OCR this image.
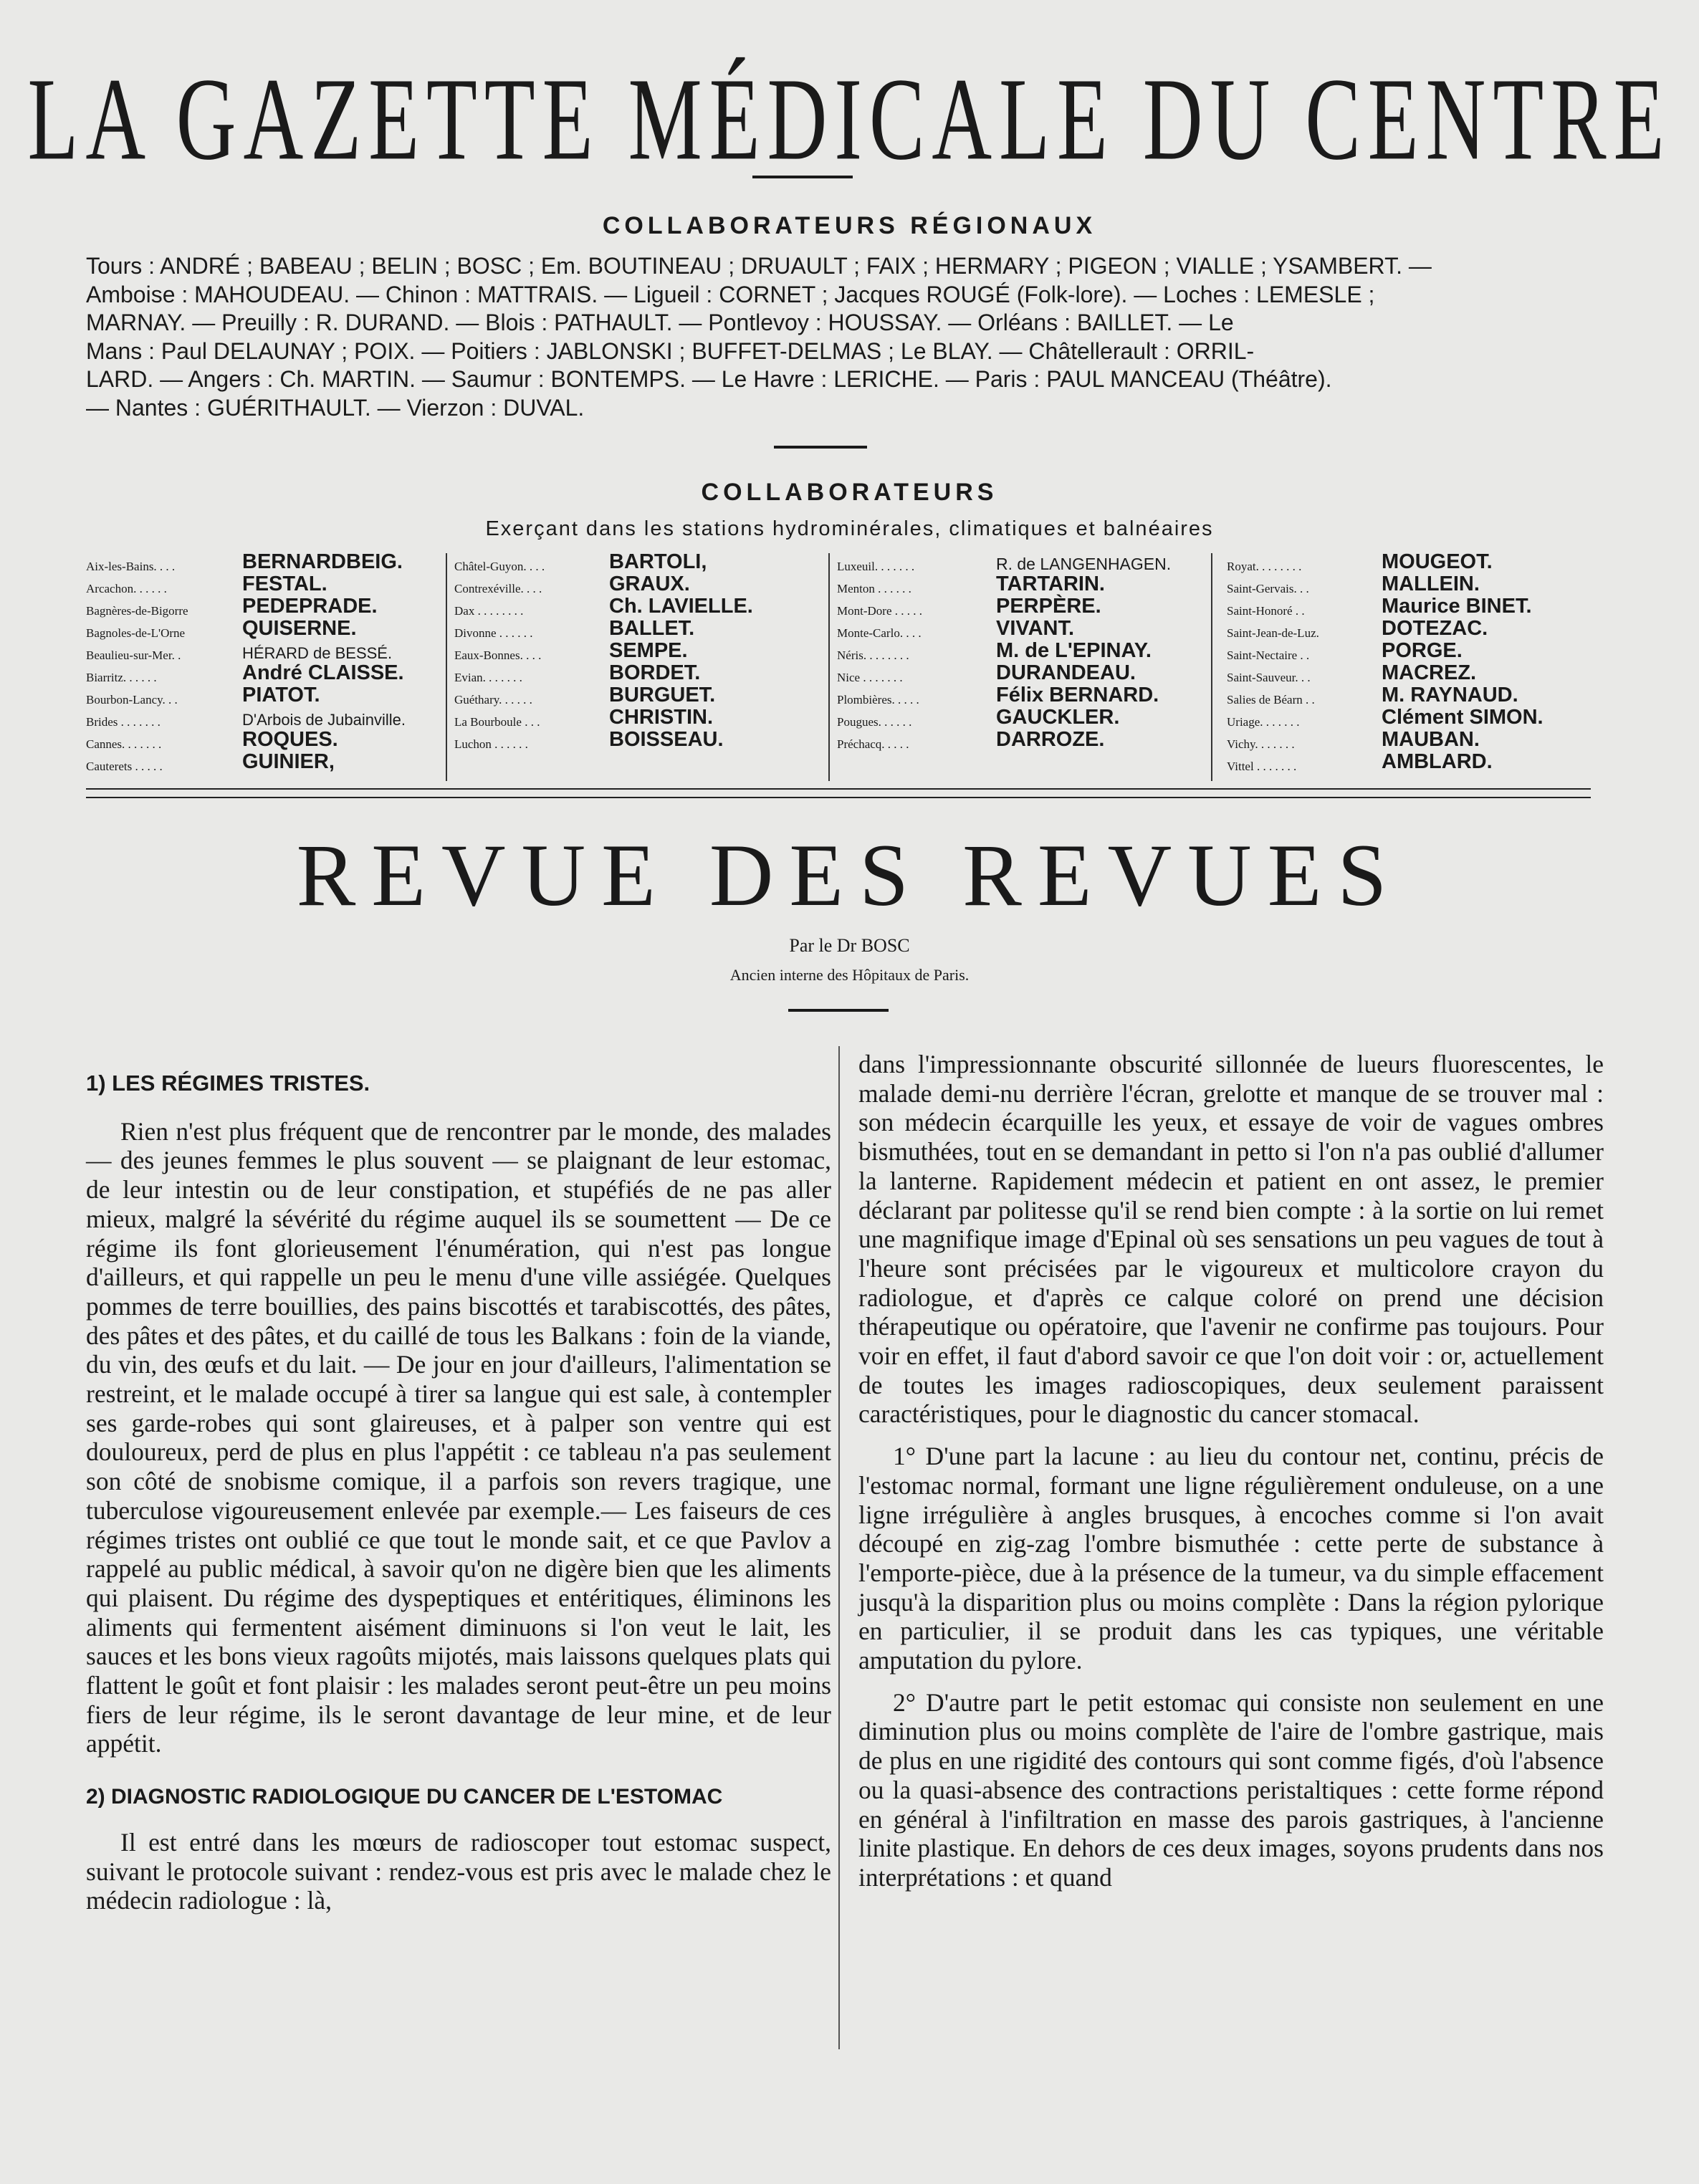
LA GAZETTE MÉDICALE DU CENTRE
COLLABORATEURS RÉGIONAUX

Tours : ANDRÉ ; BABEAU ; BELIN ; BOSC ; Em. BOUTINEAU ; DRUAULT ; FAIX ; HERMARY ; PIGEON ; VIALLE ; YSAMBERT. —

Amboise : MAHOUDEAU. — Chinon : MATTRAIS. — Ligueil : CORNET ; Jacques ROUGÉ (Folk-lore). — Loches : LEMESLE ;

MARNAY. — Preuilly : R. DURAND. — Blois : PATHAULT. — Pontlevoy : HOUSSAY. — Orléans : BAILLET. — Le

Mans : Paul DELAUNAY ; POIX. — Poitiers : JABLONSKI ; BUFFET-DELMAS ; Le BLAY. — Châtellerault : ORRIL-

LARD. — Angers : Ch. MARTIN. — Saumur : BONTEMPS. — Le Havre : LERICHE. — Paris : PAUL MANCEAU (Théâtre).

— Nantes : GUÉRITHAULT. — Vierzon : DUVAL.

COLLABORATEURS
Exerçant dans les stations hydrominérales, climatiques et balnéaires
Aix-les-Bains. . . .	BERNARDBEIG.
Arcachon. . . . . .	FESTAL.
Bagnères-de-Bigorre	PEDEPRADE.
Bagnoles-de-L'Orne	QUISERNE.
Beaulieu-sur-Mer. .	HÉRARD de BESSÉ.
Biarritz. . . . . .	André CLAISSE.
Bourbon-Lancy. . .	PIATOT.
Brides . . . . . . .	D'Arbois de Jubainville.
Cannes. . . . . . .	ROQUES.
Cauterets . . . . .	GUINIER,
Châtel-Guyon. . . .	BARTOLI,
Contrexéville. . . .	GRAUX.
Dax . . . . . . . .	Ch. LAVIELLE.
Divonne . . . . . .	BALLET.
Eaux-Bonnes. . . .	SEMPE.
Evian. . . . . . .	BORDET.
Guéthary. . . . . .	BURGUET.
La Bourboule . . .	CHRISTIN.
Luchon . . . . . .	BOISSEAU.
Luxeuil. . . . . . .	R. de LANGENHAGEN.
Menton . . . . . .	TARTARIN.
Mont-Dore . . . . .	PERPÈRE.
Monte-Carlo. . . .	VIVANT.
Néris. . . . . . . .	M. de L'EPINAY.
Nice . . . . . . .	DURANDEAU.
Plombières. . . . .	Félix BERNARD.
Pougues. . . . . .	GAUCKLER.
Préchacq. . . . .	DARROZE.
Royat. . . . . . . .	MOUGEOT.
Saint-Gervais. . .	MALLEIN.
Saint-Honoré . .	Maurice BINET.
Saint-Jean-de-Luz.	DOTEZAC.
Saint-Nectaire . .	PORGE.
Saint-Sauveur. . .	MACREZ.
Salies de Béarn . .	M. RAYNAUD.
Uriage. . . . . . .	Clément SIMON.
Vichy. . . . . . .	MAUBAN.
Vittel . . . . . . .	AMBLARD.
REVUE DES REVUES
Par le Dr BOSC
Ancien interne des Hôpitaux de Paris.

1) LES RÉGIMES TRISTES.

Rien n'est plus fréquent que de rencontrer par le monde, des malades — des jeunes femmes le plus souvent — se plaignant de leur estomac, de leur intestin ou de leur constipation, et stupéfiés de ne pas aller mieux, malgré la sévérité du régime auquel ils se soumettent — De ce régime ils font glorieusement l'énumération, qui n'est pas longue d'ailleurs, et qui rappelle un peu le menu d'une ville assiégée. Quelques pommes de terre bouillies, des pains biscottés et tarabiscottés, des pâtes, des pâtes et des pâtes, et du caillé de tous les Balkans : foin de la viande, du vin, des œufs et du lait. — De jour en jour d'ailleurs, l'alimentation se restreint, et le malade occupé à tirer sa langue qui est sale, à contempler ses garde-robes qui sont glaireuses, et à palper son ventre qui est douloureux, perd de plus en plus l'appétit : ce tableau n'a pas seulement son côté de snobisme comique, il a parfois son revers tragique, une tuberculose vigoureusement enlevée par exemple.— Les faiseurs de ces régimes tristes ont oublié ce que tout le monde sait, et ce que Pavlov a rappelé au public médical, à savoir qu'on ne digère bien que les aliments qui plaisent. Du régime des dyspeptiques et entéritiques, éliminons les aliments qui fermentent aisément diminuons si l'on veut le lait, les sauces et les bons vieux ragoûts mijotés, mais laissons quelques plats qui flattent le goût et font plaisir : les malades seront peut-être un peu moins fiers de leur régime, ils le seront davantage de leur mine, et de leur appétit.

2) DIAGNOSTIC RADIOLOGIQUE DU CANCER DE L'ESTOMAC

Il est entré dans les mœurs de radioscoper tout estomac suspect, suivant le protocole suivant : rendez-vous est pris avec le malade chez le médecin radiologue : là,

dans l'impressionnante obscurité sillonnée de lueurs fluorescentes, le malade demi-nu derrière l'écran, grelotte et manque de se trouver mal : son médecin écarquille les yeux, et essaye de voir de vagues ombres bismuthées, tout en se demandant in petto si l'on n'a pas oublié d'allumer la lanterne. Rapidement médecin et patient en ont assez, le premier déclarant par politesse qu'il se rend bien compte : à la sortie on lui remet une magnifique image d'Epinal où ses sensations un peu vagues de tout à l'heure sont précisées par le vigoureux et multicolore crayon du radiologue, et d'après ce calque coloré on prend une décision thérapeutique ou opératoire, que l'avenir ne confirme pas toujours. Pour voir en effet, il faut d'abord savoir ce que l'on doit voir : or, actuellement de toutes les images radioscopiques, deux seulement paraissent caractéristiques, pour le diagnostic du cancer stomacal.

1° D'une part la lacune : au lieu du contour net, continu, précis de l'estomac normal, formant une ligne régulièrement onduleuse, on a une ligne irrégulière à angles brusques, à encoches comme si l'on avait découpé en zig-zag l'ombre bismuthée : cette perte de substance à l'emporte-pièce, due à la présence de la tumeur, va du simple effacement jusqu'à la disparition plus ou moins complète : Dans la région pylorique en particulier, il se produit dans les cas typiques, une véritable amputation du pylore.

2° D'autre part le petit estomac qui consiste non seulement en une diminution plus ou moins complète de l'aire de l'ombre gastrique, mais de plus en une rigidité des contours qui sont comme figés, d'où l'absence ou la quasi-absence des contractions peristaltiques : cette forme répond en général à l'infiltration en masse des parois gastriques, à l'ancienne linite plastique. En dehors de ces deux images, soyons prudents dans nos interprétations : et quand
